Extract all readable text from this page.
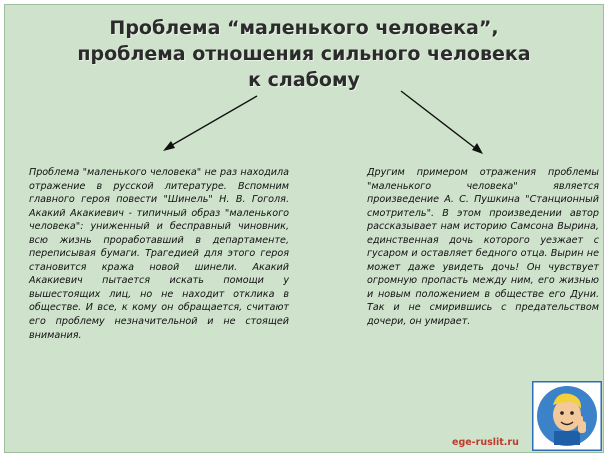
Проблема “маленького человека”,
проблема отношения сильного человека
к слабому
Проблема "маленького человека" не раз находила отражение в русской литературе. Вспомним главного героя повести "Шинель" Н. В. Гоголя. Акакий Акакиевич - типичный образ "маленького человека": униженный и бесправный чиновник, всю жизнь проработавший в департаменте, переписывая бумаги. Трагедией для этого героя становится кража новой шинели. Акакий Акакиевич пытается искать помощи у вышестоящих лиц, но не находит отклика в обществе. И все, к кому он обращается, считают его проблему незначительной и не стоящей внимания.
Другим примером отражения проблемы "маленького человека" является произведение А. С. Пушкина "Станционный смотритель". В этом произведении автор рассказывает нам историю Самсона Вырина, единственная дочь которого уезжает с гусаром и оставляет бедного отца. Вырин не может даже увидеть дочь! Он чувствует огромную пропасть между ним, его жизнью и новым положением в обществе его Дуни. Так и не смирившись с предательством дочери, он умирает.
ege-ruslit.ru
